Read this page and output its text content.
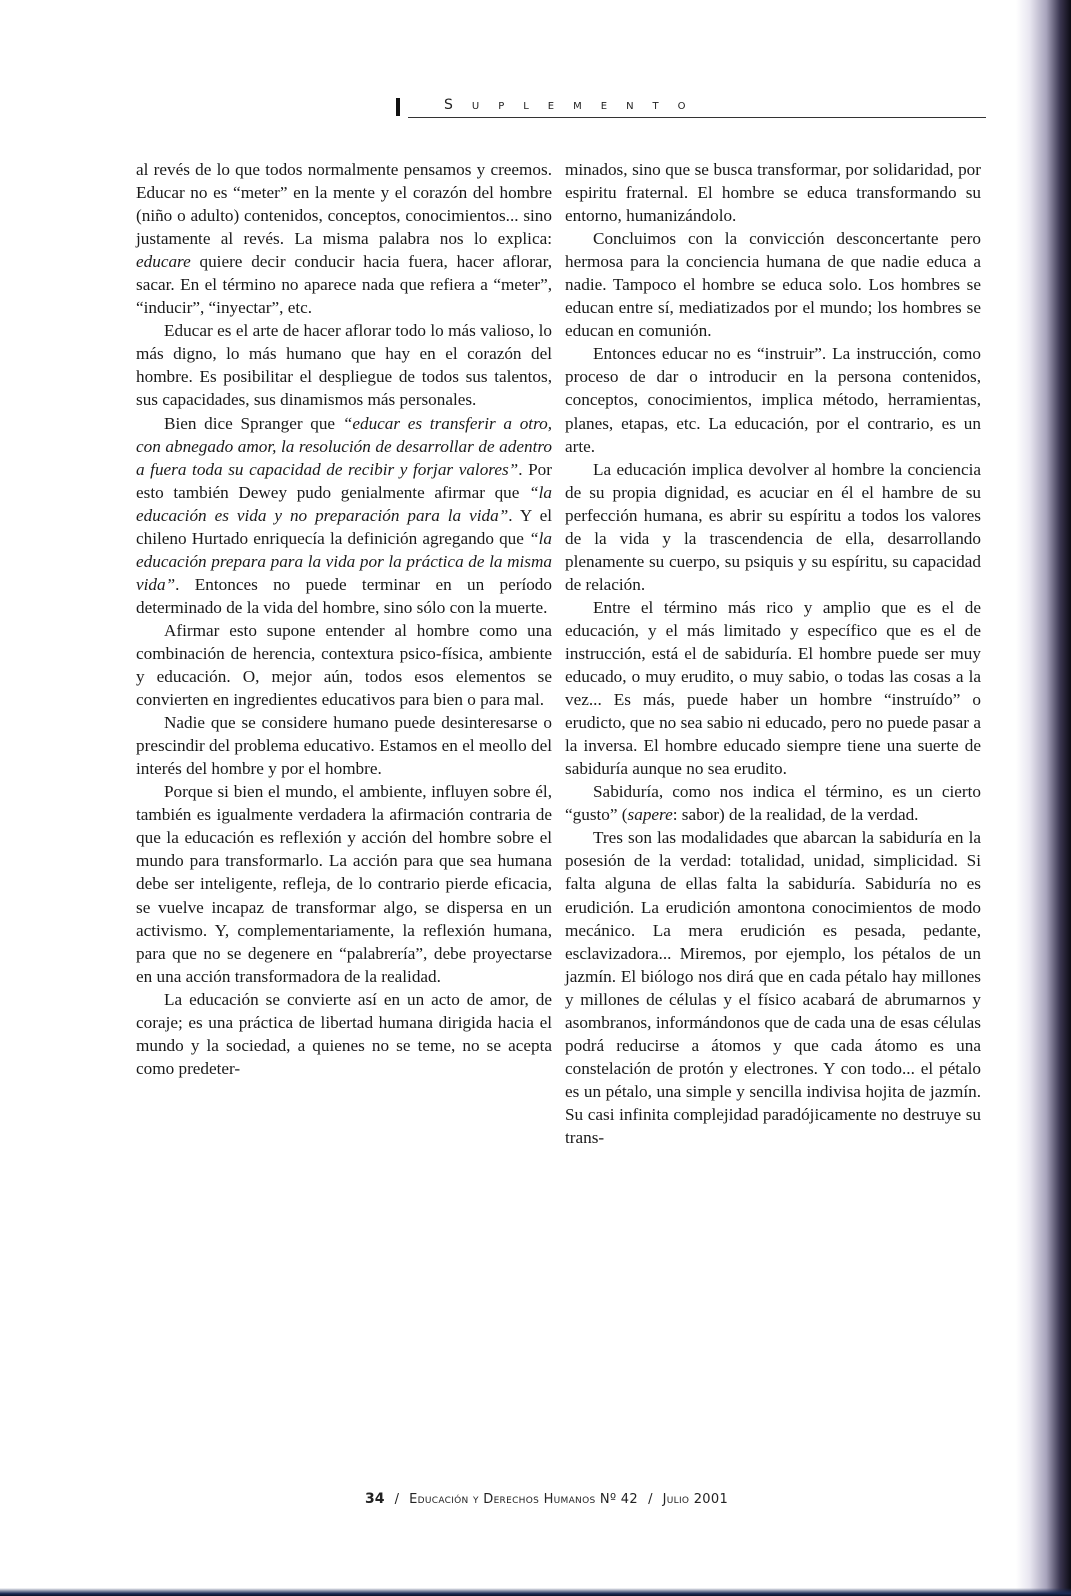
Suplemento

al revés de lo que todos normalmente pensamos y creemos. Educar no es “meter” en la mente y el corazón del hombre (niño o adulto) contenidos, conceptos, conocimientos... sino justamente al revés. La misma palabra nos lo explica: educare quiere decir conducir hacia fuera, hacer aflorar, sacar. En el término no aparece nada que refiera a “meter”, “inducir”, “inyectar”, etc.

Educar es el arte de hacer aflorar todo lo más valioso, lo más digno, lo más humano que hay en el corazón del hombre. Es posibilitar el despliegue de todos sus talentos, sus capacidades, sus dinamismos más personales.

Bien dice Spranger que “educar es transferir a otro, con abnegado amor, la resolución de desarrollar de adentro a fuera toda su capacidad de recibir y forjar valores”. Por esto también Dewey pudo genialmente afirmar que “la educación es vida y no preparación para la vida”. Y el chileno Hurtado enriquecía la definición agregando que “la educación prepara para la vida por la práctica de la misma vida”. Entonces no puede terminar en un período determinado de la vida del hombre, sino sólo con la muerte.

Afirmar esto supone entender al hombre como una combinación de herencia, contextura psico-física, ambiente y educación. O, mejor aún, todos esos elementos se convierten en ingredientes educativos para bien o para mal.

Nadie que se considere humano puede desinteresarse o prescindir del problema educativo. Estamos en el meollo del interés del hombre y por el hombre.

Porque si bien el mundo, el ambiente, influyen sobre él, también es igualmente verdadera la afirmación contraria de que la educación es reflexión y acción del hombre sobre el mundo para transformarlo. La acción para que sea humana debe ser inteligente, refleja, de lo contrario pierde eficacia, se vuelve incapaz de transformar algo, se dispersa en un activismo. Y, complementariamente, la reflexión humana, para que no se degenere en “palabrería”, debe proyectarse en una acción transformadora de la realidad.

La educación se convierte así en un acto de amor, de coraje; es una práctica de libertad humana dirigida hacia el mundo y la sociedad, a quienes no se teme, no se acepta como predeter-

minados, sino que se busca transformar, por solidaridad, por espiritu fraternal. El hombre se educa transformando su entorno, humanizándolo.

Concluimos con la convicción desconcertante pero hermosa para la conciencia humana de que nadie educa a nadie. Tampoco el hombre se educa solo. Los hombres se educan entre sí, mediatizados por el mundo; los hombres se educan en comunión.

Entonces educar no es “instruir”. La instrucción, como proceso de dar o introducir en la persona contenidos, conceptos, conocimientos, implica método, herramientas, planes, etapas, etc. La educación, por el contrario, es un arte.

La educación implica devolver al hombre la conciencia de su propia dignidad, es acuciar en él el hambre de su perfección humana, es abrir su espíritu a todos los valores de la vida y la trascendencia de ella, desarrollando plenamente su cuerpo, su psiquis y su espíritu, su capacidad de relación.

Entre el término más rico y amplio que es el de educación, y el más limitado y específico que es el de instrucción, está el de sabiduría. El hombre puede ser muy educado, o muy erudito, o muy sabio, o todas las cosas a la vez... Es más, puede haber un hombre “instruído” o erudicto, que no sea sabio ni educado, pero no puede pasar a la inversa. El hombre educado siempre tiene una suerte de sabiduría aunque no sea erudito.

Sabiduría, como nos indica el término, es un cierto “gusto” (sapere: sabor) de la realidad, de la verdad.

Tres son las modalidades que abarcan la sabiduría en la posesión de la verdad: totalidad, unidad, simplicidad. Si falta alguna de ellas falta la sabiduría. Sabiduría no es erudición. La erudición amontona conocimientos de modo mecánico. La mera erudición es pesada, pedante, esclavizadora... Miremos, por ejemplo, los pétalos de un jazmín. El biólogo nos dirá que en cada pétalo hay millones y millones de células y el físico acabará de abrumarnos y asombranos, informándonos que de cada una de esas células podrá reducirse a átomos y que cada átomo es una constelación de protón y electrones. Y con todo... el pétalo es un pétalo, una simple y sencilla indivisa hojita de jazmín. Su casi infinita complejidad paradójicamente no destruye su trans-

34 / Educación y Derechos Humanos Nº 42 / Julio 2001
